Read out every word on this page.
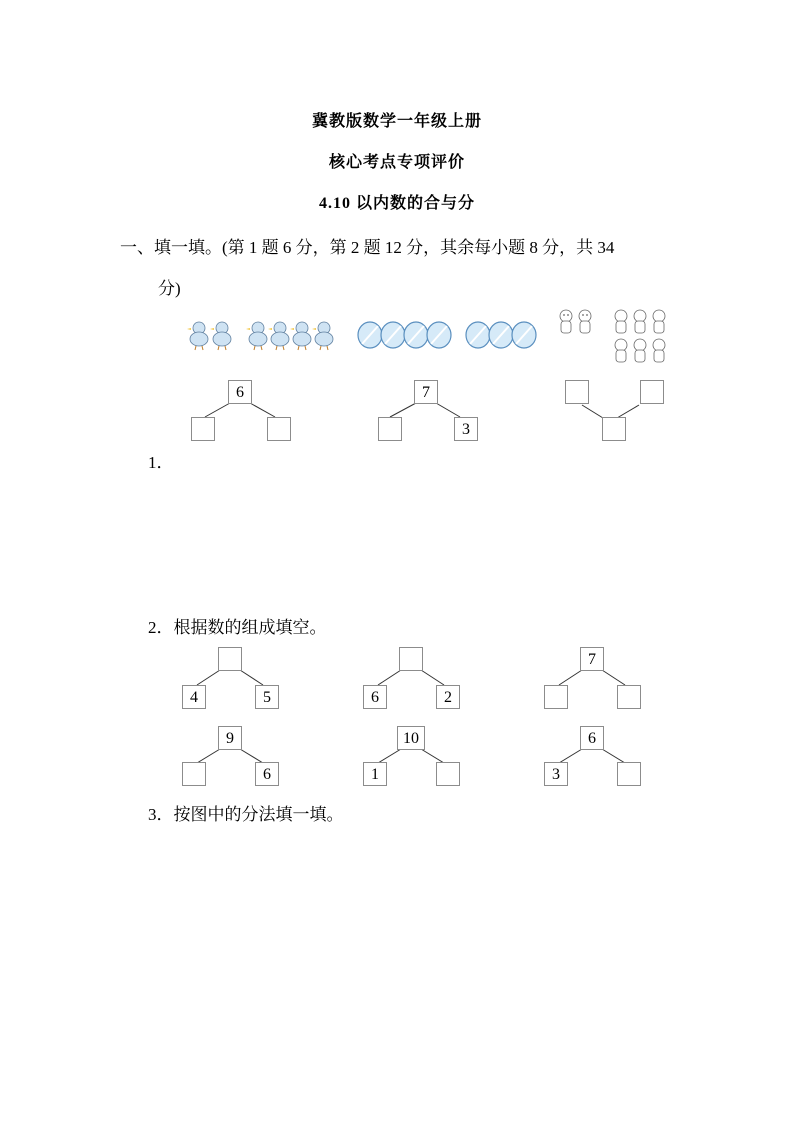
冀教版数学一年级上册
核心考点专项评价
4.10 以内数的合与分
一、填一填。(第 1 题 6 分，第 2 题 12 分，其余每小题 8 分，共 34
分)
6	7
3
1．
2．根据数的组成填空。
4	5	6	2
7
9
6
10
1
6
3
3．按图中的分法填一填。
